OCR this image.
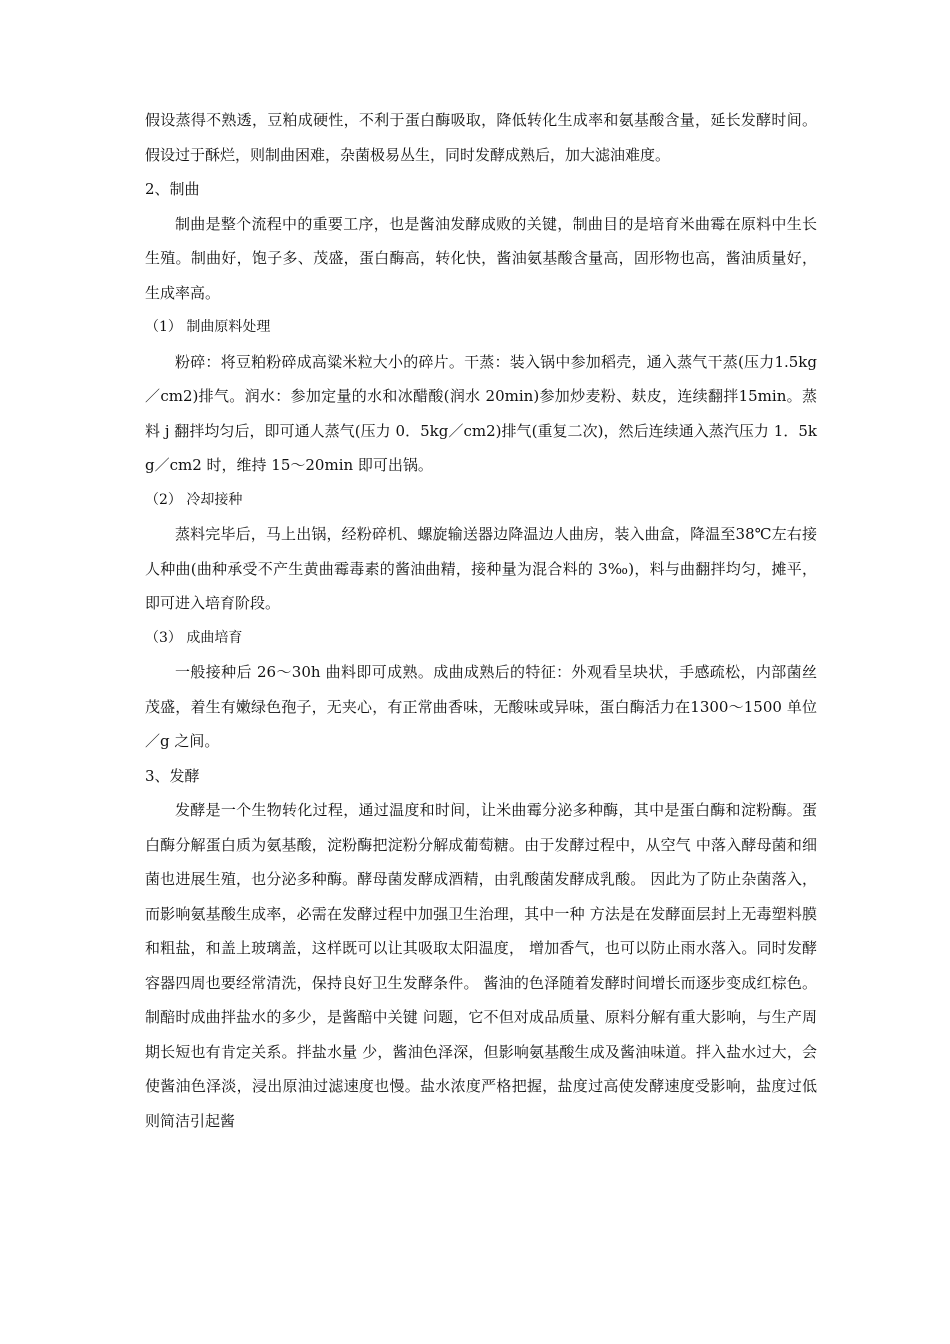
假设蒸得不熟透，豆粕成硬性，不利于蛋白酶吸取，降低转化生成率和氨基酸含量，延长发酵时间。假设过于酥烂，则制曲困难，杂菌极易丛生，同时发酵成熟后，加大滤油难度。

2、制曲

制曲是整个流程中的重要工序，也是酱油发酵成败的关键，制曲目的是培育米曲霉在原料中生长生殖。制曲好，饱子多、茂盛，蛋白酶高，转化快，酱油氨基酸含量高，固形物也高，酱油质量好，生成率高。

（1） 制曲原料处理

粉碎：将豆粕粉碎成高粱米粒大小的碎片。干蒸：装入锅中参加稻壳，通入蒸气干蒸(压力1.5kg／cm2)排气。润水：参加定量的水和冰醋酸(润水 20min)参加炒麦粉、麸皮，连续翻拌15min。蒸料 j 翻拌均匀后，即可通人蒸气(压力 0．5kg／cm2)排气(重复二次)，然后连续通入蒸汽压力 1．5kg／cm2 时，维持 15～20min 即可出锅。

（2） 冷却接种

蒸料完毕后，马上出锅，经粉碎机、螺旋输送器边降温边人曲房，装入曲盒，降温至38℃左右接人种曲(曲种承受不产生黄曲霉毒素的酱油曲精，接种量为混合料的 3‰)，料与曲翻拌均匀，摊平，即可进入培育阶段。

（3） 成曲培育

一般接种后 26～30h 曲料即可成熟。成曲成熟后的特征：外观看呈块状，手感疏松，内部菌丝茂盛，着生有嫩绿色孢子，无夹心，有正常曲香味，无酸味或异味，蛋白酶活力在1300～1500 单位／g 之间。

3、发酵

发酵是一个生物转化过程，通过温度和时间，让米曲霉分泌多种酶，其中是蛋白酶和淀粉酶。蛋白酶分解蛋白质为氨基酸，淀粉酶把淀粉分解成葡萄糖。由于发酵过程中，从空气 中落入酵母菌和细菌也进展生殖，也分泌多种酶。酵母菌发酵成酒精，由乳酸菌发酵成乳酸。 因此为了防止杂菌落入，而影响氨基酸生成率，必需在发酵过程中加强卫生治理，其中一种 方法是在发酵面层封上无毒塑料膜和粗盐，和盖上玻璃盖，这样既可以让其吸取太阳温度， 增加香气，也可以防止雨水落入。同时发酵容器四周也要经常清洗，保持良好卫生发酵条件。 酱油的色泽随着发酵时间增长而逐步变成红棕色。制醅时成曲拌盐水的多少，是酱醅中关键 问题，它不但对成品质量、原料分解有重大影响，与生产周期长短也有肯定关系。拌盐水量 少，酱油色泽深，但影响氨基酸生成及酱油味道。拌入盐水过大，会使酱油色泽淡，浸出原油过滤速度也慢。盐水浓度严格把握，盐度过高使发酵速度受影响，盐度过低则简洁引起酱
